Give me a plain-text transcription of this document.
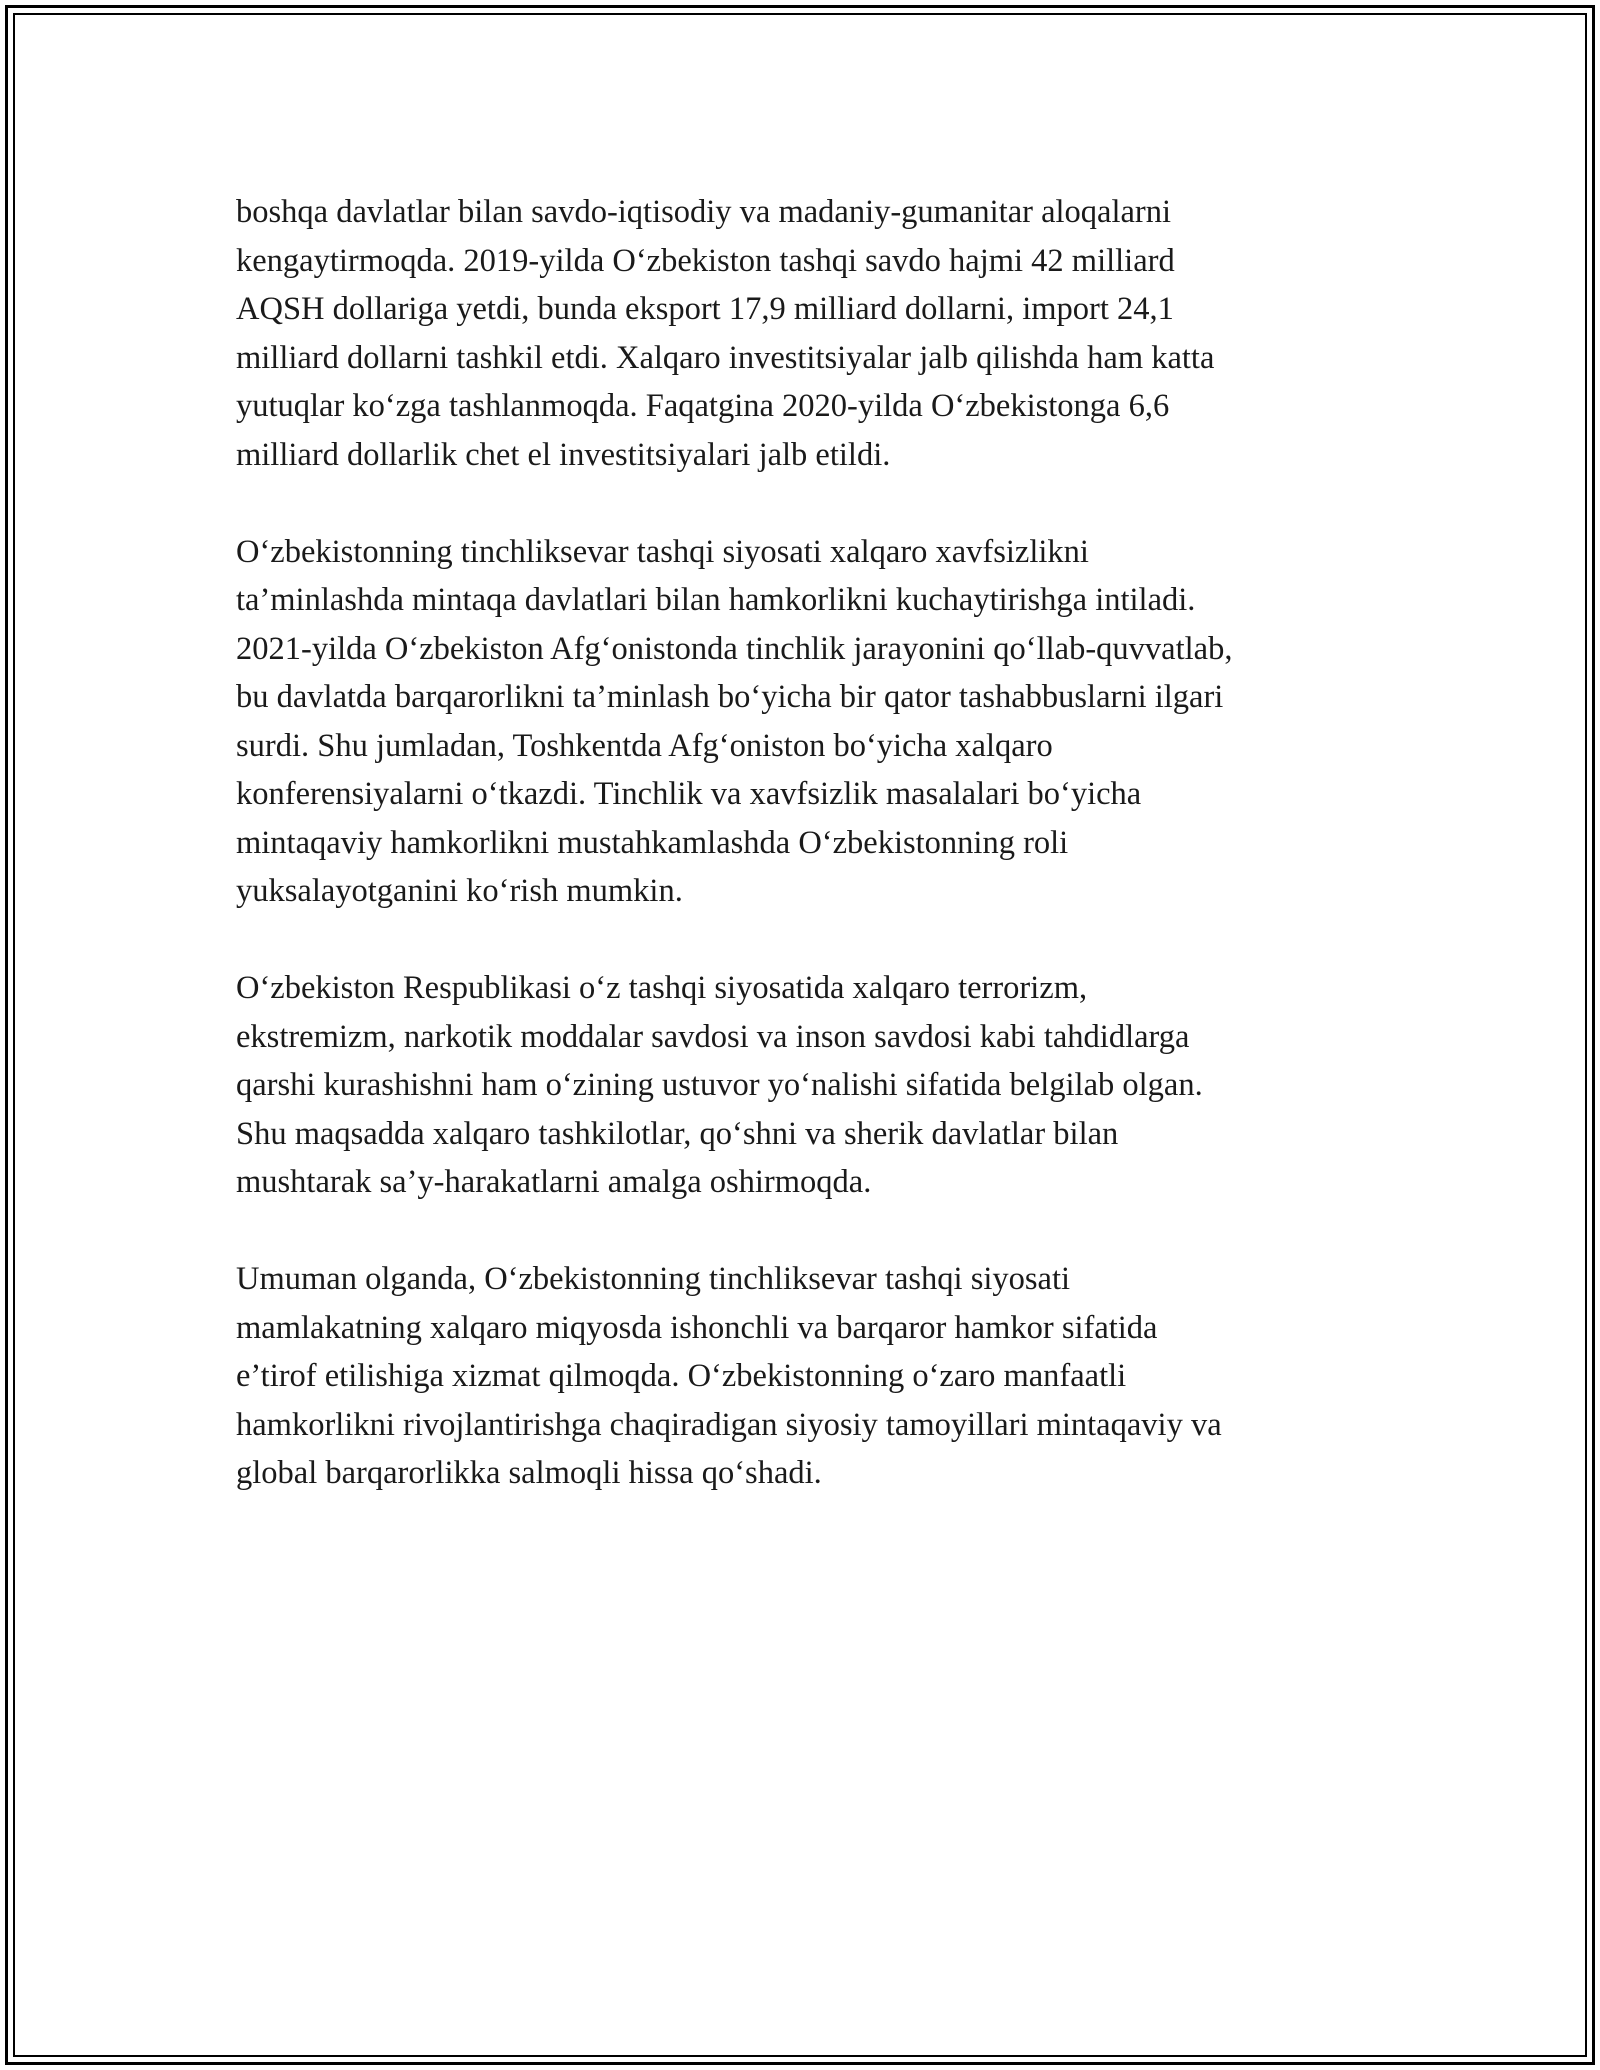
boshqa davlatlar bilan savdo-iqtisodiy va madaniy-gumanitar aloqalarni
kengaytirmoqda. 2019-yilda O‘zbekiston tashqi savdo hajmi 42 milliard
AQSH dollariga yetdi, bunda eksport 17,9 milliard dollarni, import 24,1
milliard dollarni tashkil etdi. Xalqaro investitsiyalar jalb qilishda ham katta
yutuqlar ko‘zga tashlanmoqda. Faqatgina 2020-yilda O‘zbekistonga 6,6
milliard dollarlik chet el investitsiyalari jalb etildi.

O‘zbekistonning tinchliksevar tashqi siyosati xalqaro xavfsizlikni
ta’minlashda mintaqa davlatlari bilan hamkorlikni kuchaytirishga intiladi.
2021-yilda O‘zbekiston Afg‘onistonda tinchlik jarayonini qo‘llab-quvvatlab,
bu davlatda barqarorlikni ta’minlash bo‘yicha bir qator tashabbuslarni ilgari
surdi. Shu jumladan, Toshkentda Afg‘oniston bo‘yicha xalqaro
konferensiyalarni o‘tkazdi. Tinchlik va xavfsizlik masalalari bo‘yicha
mintaqaviy hamkorlikni mustahkamlashda O‘zbekistonning roli
yuksalayotganini ko‘rish mumkin.

O‘zbekiston Respublikasi o‘z tashqi siyosatida xalqaro terrorizm,
ekstremizm, narkotik moddalar savdosi va inson savdosi kabi tahdidlarga
qarshi kurashishni ham o‘zining ustuvor yo‘nalishi sifatida belgilab olgan.
Shu maqsadda xalqaro tashkilotlar, qo‘shni va sherik davlatlar bilan
mushtarak sa’y-harakatlarni amalga oshirmoqda.

Umuman olganda, O‘zbekistonning tinchliksevar tashqi siyosati
mamlakatning xalqaro miqyosda ishonchli va barqaror hamkor sifatida
e’tirof etilishiga xizmat qilmoqda. O‘zbekistonning o‘zaro manfaatli
hamkorlikni rivojlantirishga chaqiradigan siyosiy tamoyillari mintaqaviy va
global barqarorlikka salmoqli hissa qo‘shadi.
